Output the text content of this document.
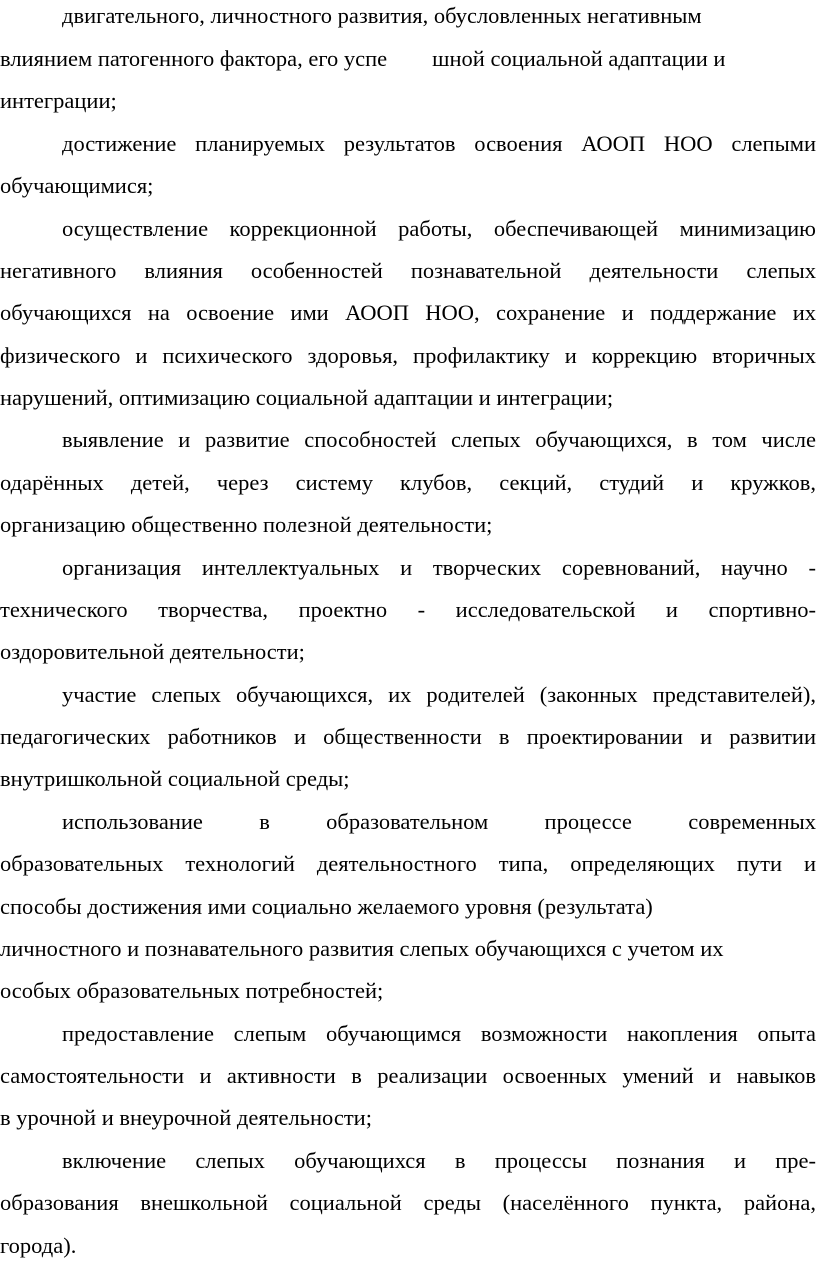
двигательного, личностного развития, обусловленных негативным
влиянием патогенного фактора, его успе        шной социальной адаптации и
интеграции;
достижение планируемых результатов освоения АООП НОО слепыми
обучающимися;
осуществление коррекционной работы, обеспечивающей минимизацию
негативного влияния особенностей познавательной деятельности слепых
обучающихся на освоение ими АООП НОО, сохранение и поддержание их
физического и психического здоровья, профилактику и коррекцию вторичных
нарушений, оптимизацию социальной адаптации и интеграции;
выявление и развитие способностей слепых обучающихся, в том числе
одарённых детей, через систему клубов, секций, студий и кружков,
организацию общественно полезной деятельности;
организация интеллектуальных и творческих соревнований, научно -
технического творчества, проектно - исследовательской и спортивно-
оздоровительной деятельности;
участие слепых обучающихся, их родителей (законных представителей),
педагогических работников и общественности в проектировании и развитии
внутришкольной социальной среды;
использование в образовательном процессе современных
образовательных технологий деятельностного типа, определяющих пути и
способы достижения ими социально желаемого уровня (результата)
личностного и познавательного развития слепых обучающихся с учетом их
особых образовательных потребностей;
предоставление слепым обучающимся возможности накопления опыта
самостоятельности и активности в реализации освоенных умений и навыков
в урочной и внеурочной деятельности;
включение слепых обучающихся в процессы познания и пре-
образования внешкольной социальной среды (населённого пункта, района,
города).
